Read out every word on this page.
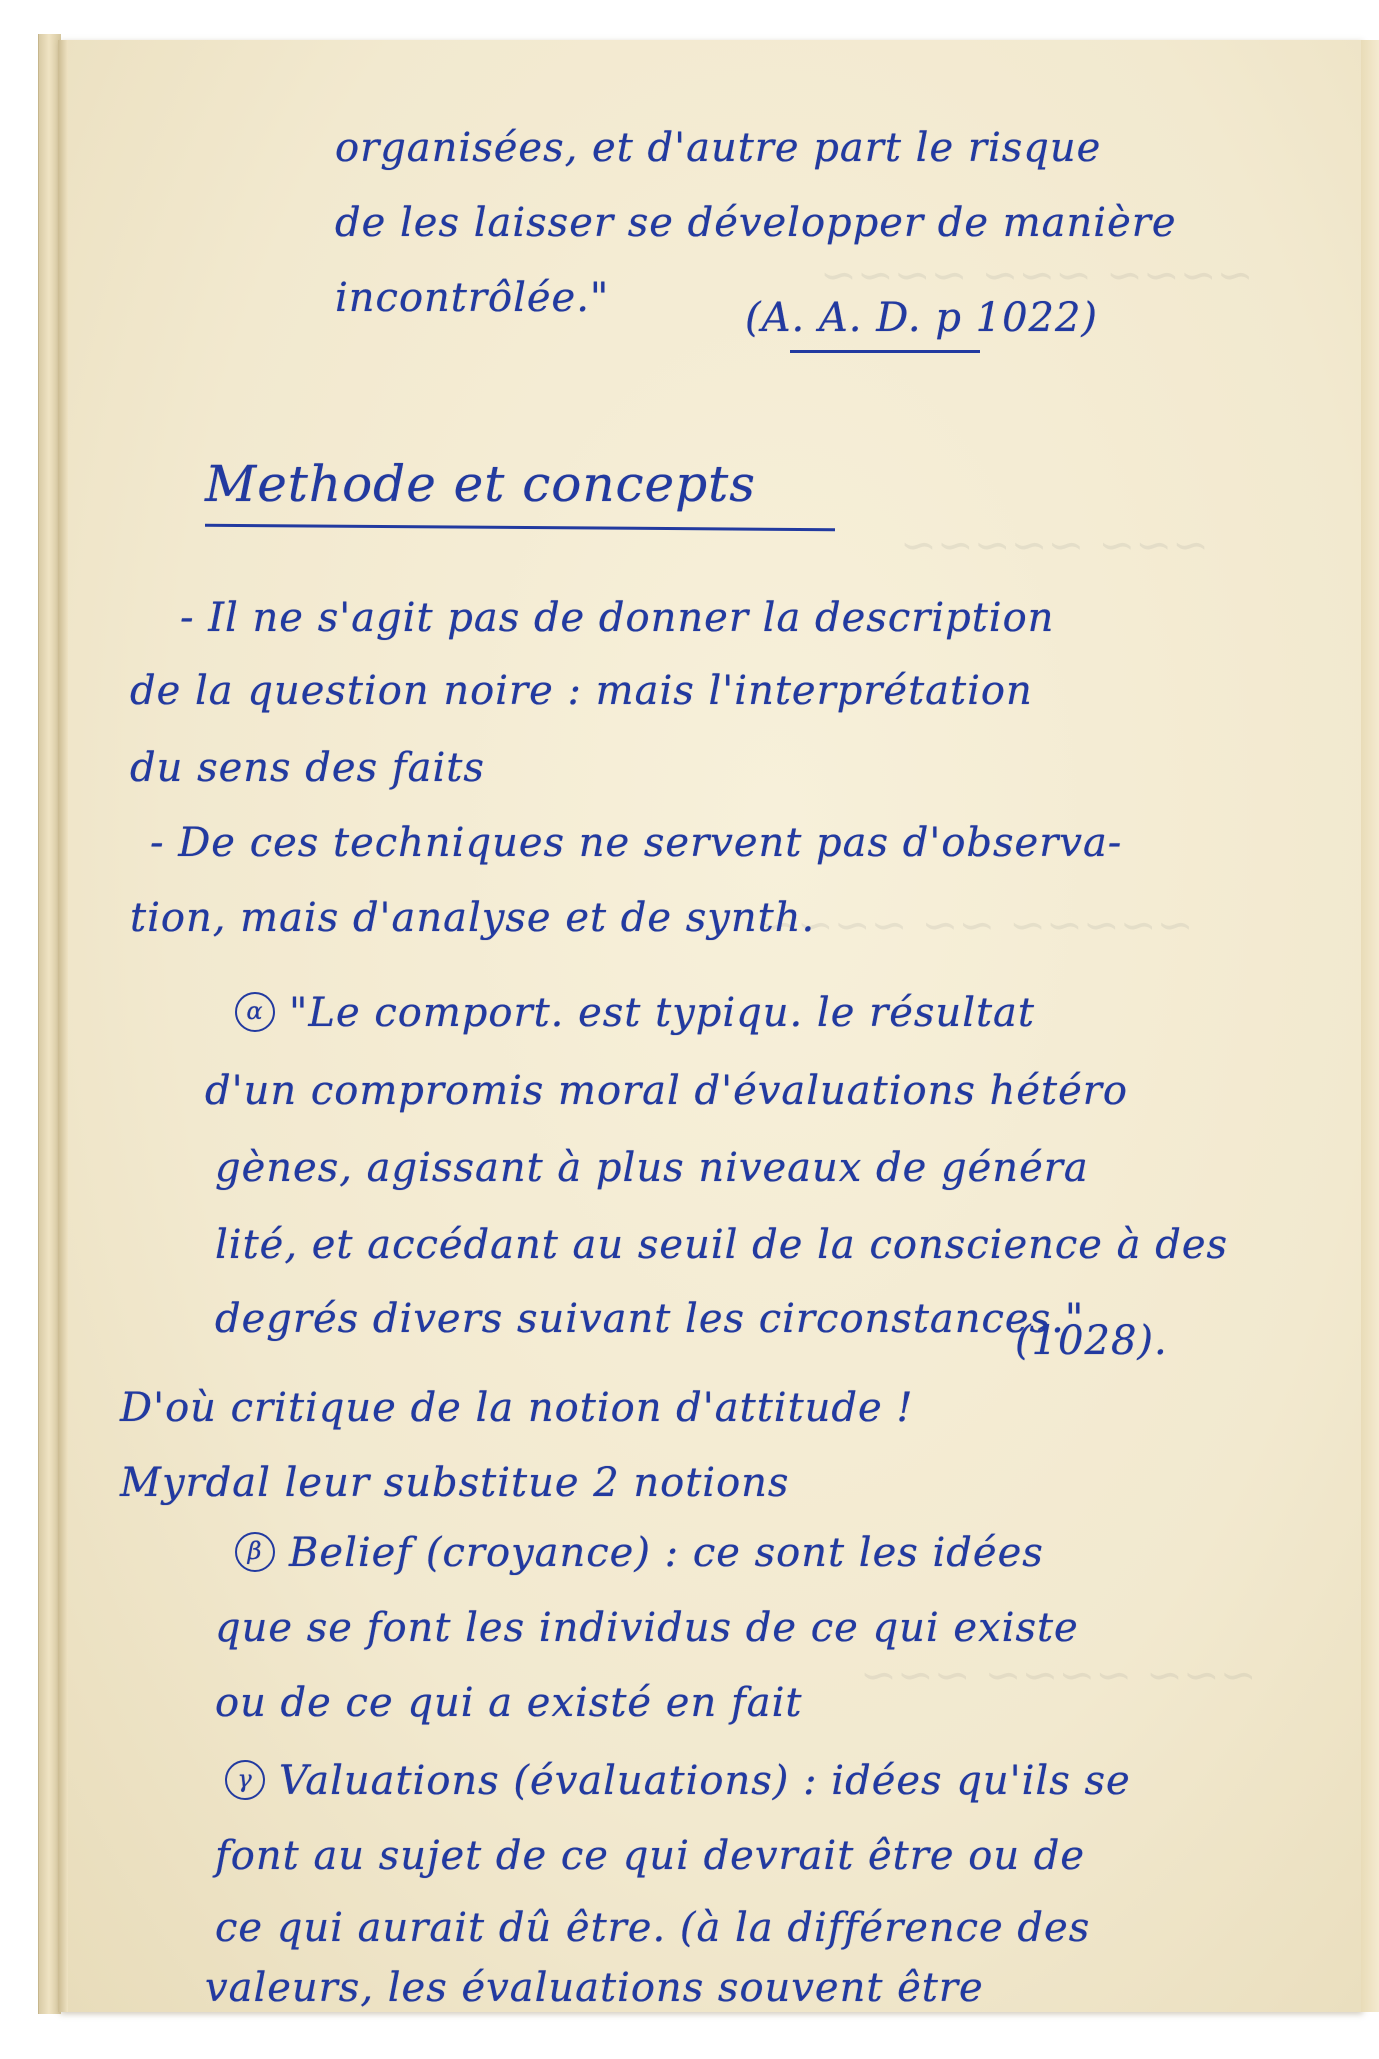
~~~~ ~~~ ~~~~
~~~ ~~~~~
~~~~~ ~~ ~~~~
~~~ ~~~~ ~~~
organisées, et d'autre part le risque
de les laisser se développer de manière
incontrôlée."	(A. A. D. p 1022)
Methode et concepts
- Il ne s'agit pas de donner la description
de la question noire : mais l'interprétation
du sens des faits
- De ces techniques ne servent pas d'observa-
tion, mais d'analyse et de synth.
α "Le comport. est typiqu. le résultat
d'un compromis moral d'évaluations hétéro
gènes, agissant à plus niveaux de généra
lité, et accédant au seuil de la conscience à des
degrés divers suivant les circonstances."
(1028).
D'où critique de la notion d'attitude !
Myrdal leur substitue 2 notions
β Belief (croyance) : ce sont les idées
que se font les individus de ce qui existe
ou de ce qui a existé en fait
γ Valuations (évaluations) : idées qu'ils se
font au sujet de ce qui devrait être ou de
ce qui aurait dû être. (à la différence des
valeurs, les évaluations souvent être
